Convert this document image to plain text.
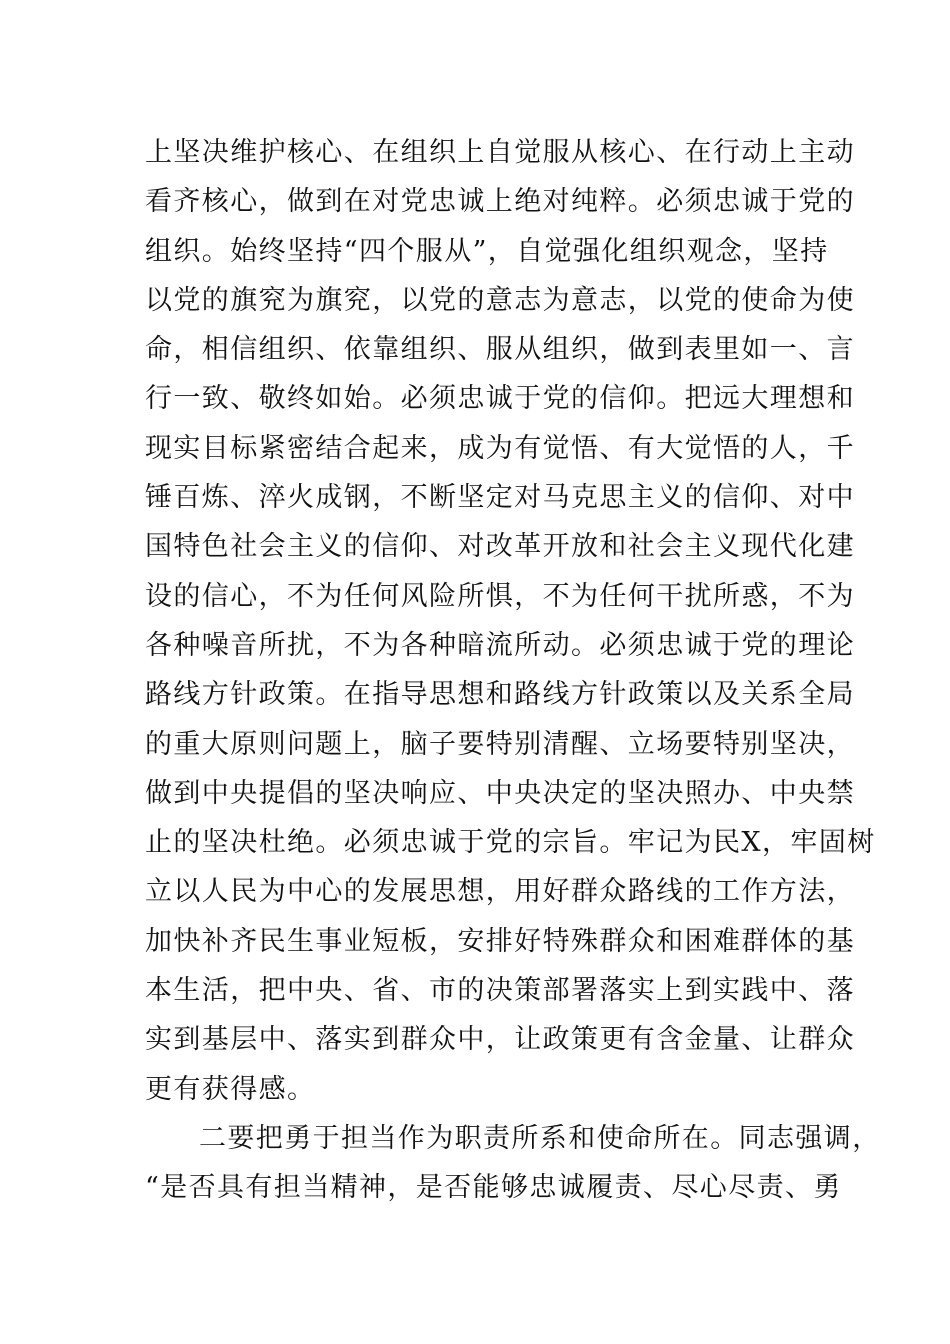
上坚决维护核心、在组织上自觉服从核心、在行动上主动
看齐核心，做到在对党忠诚上绝对纯粹。必须忠诚于党的
组织。始终坚持“四个服从”，自觉强化组织观念，坚持
以党的旗䆓为旗䆓，以党的意志为意志，以党的使命为使
命，相信组织、依靠组织、服从组织，做到表里如一、言
行一致、敬终如始。必须忠诚于党的信仰。把远大理想和
现实目标紧密结合起来，成为有觉悟、有大觉悟的人，千
锤百炼、淬火成钢，不断坚定对马克思主义的信仰、对中
国特色社会主义的信仰、对改革开放和社会主义现代化建
设的信心，不为任何风险所惧，不为任何干扰所惑，不为
各种噪音所扰，不为各种暗流所动。必须忠诚于党的理论
路线方针政策。在指导思想和路线方针政策以及关系全局
的重大原则问题上，脑子要特别清醒、立场要特别坚决，
做到中央提倡的坚决响应、中央决定的坚决照办、中央禁
止的坚决杜绝。必须忠诚于党的宗旨。牢记为民X，牢固树
立以人民为中心的发展思想，用好群众路线的工作方法，
加快补齐民生事业短板，安排好特殊群众和困难群体的基
本生活，把中央、省、市的决策部署落实上到实践中、落
实到基层中、落实到群众中，让政策更有含金量、让群众
更有获得感。
二要把勇于担当作为职责所系和使命所在。同志强调，
“是否具有担当精神，是否能够忠诚履责、尽心尽责、勇
